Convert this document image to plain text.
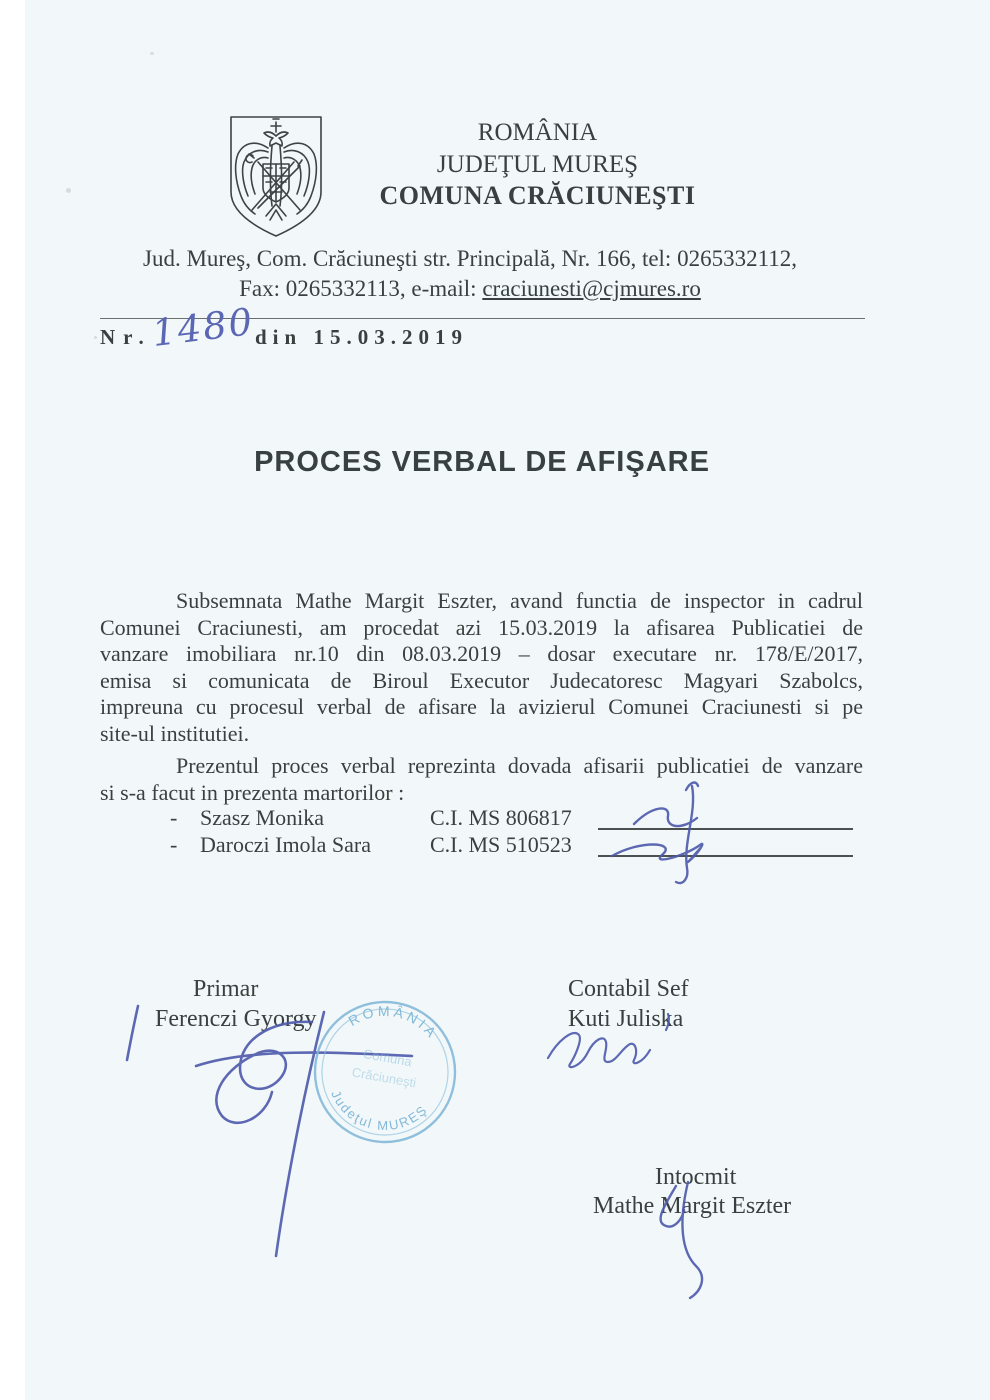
ROMÂNIA
JUDEŢUL MUREŞ
COMUNA CRĂCIUNEŞTI
Jud. Mureş, Com. Crăciuneşti str. Principală, Nr. 166, tel: 0265332112,
Fax: 0265332113, e-mail: craciunesti@cjmures.ro
Nr.
1480
din 15.03.2019
PROCES VERBAL DE AFIŞARE
Subsemnata Mathe Margit Eszter, avand functia de inspector in cadrul
Comunei Craciunesti, am procedat azi 15.03.2019 la afisarea Publicatiei de
vanzare imobiliara nr.10 din 08.03.2019 – dosar executare nr. 178/E/2017,
emisa si comunicata de Biroul Executor Judecatoresc Magyari Szabolcs,
impreuna cu procesul verbal de afisare la avizierul Comunei Craciunesti si pe
site-ul institutiei.
Prezentul proces verbal reprezinta dovada afisarii publicatiei de vanzare
si s-a facut in prezenta martorilor :
- Szasz Monika	C.I. MS 806817
- Daroczi Imola Sara	C.I. MS 510523
Primar
Ferenczi Gyorgy
Contabil Sef
Kuti Juliska
Intocmit
Mathe Margit Eszter
ROMÂNIA
Judeţul MUREŞ
Comuna
Crăciuneşti
